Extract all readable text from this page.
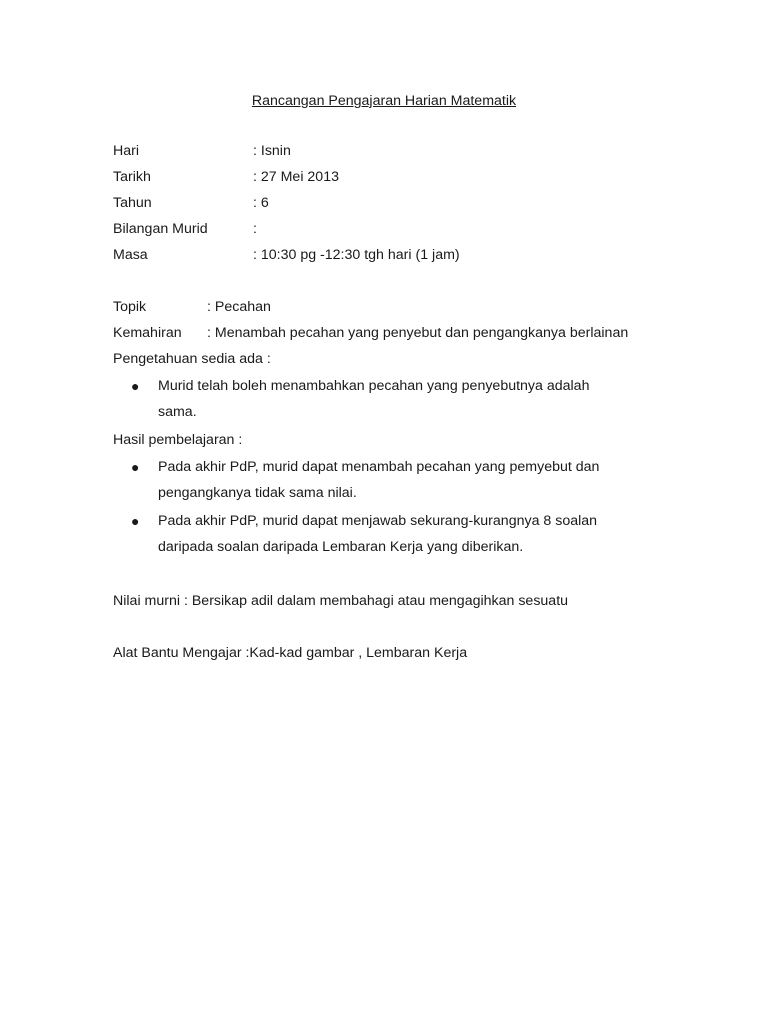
Rancangan Pengajaran Harian Matematik
Hari	: Isnin
Tarikh	: 27 Mei 2013
Tahun	: 6
Bilangan Murid	:
Masa	: 10:30 pg -12:30 tgh hari (1 jam)
Topik	: Pecahan
Kemahiran : Menambah pecahan yang penyebut dan pengangkanya berlainan
Pengetahuan sedia ada :
● Murid telah boleh menambahkan pecahan yang penyebutnya adalah
sama.
Hasil pembelajaran :
● Pada akhir PdP, murid dapat menambah pecahan yang pemyebut dan
pengangkanya tidak sama nilai.
● Pada akhir PdP, murid dapat menjawab sekurang-kurangnya 8 soalan
daripada soalan daripada Lembaran Kerja yang diberikan.
Nilai murni : Bersikap adil dalam membahagi atau mengagihkan sesuatu
Alat Bantu Mengajar :Kad-kad gambar , Lembaran Kerja
